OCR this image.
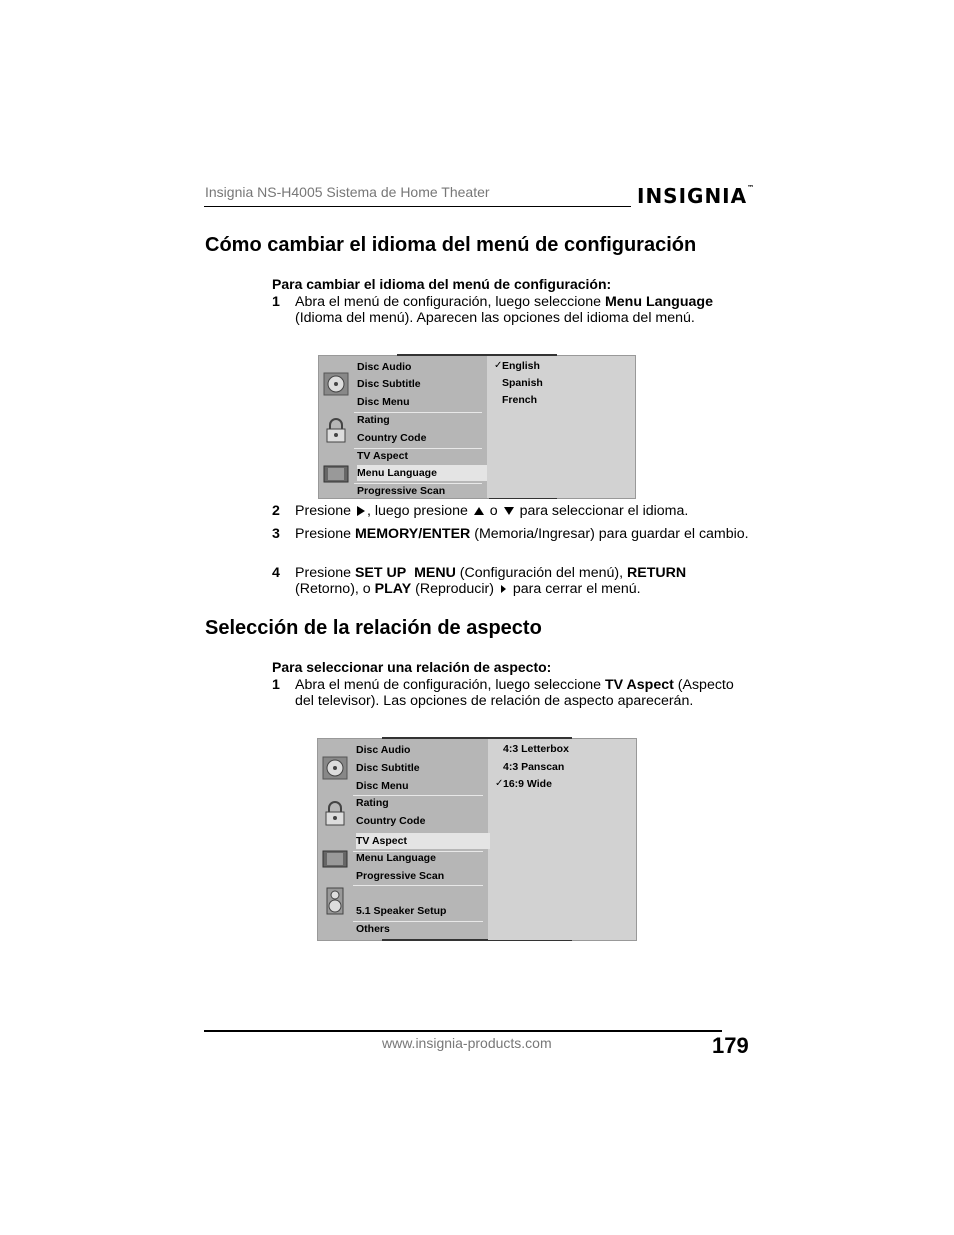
Insignia NS-H4005 Sistema de Home Theater	INSIGNIA™
Cómo cambiar el idioma del menú de configuración
Para cambiar el idioma del menú de configuración:
1 Abra el menú de configuración, luego seleccione Menu Language (Idioma del menú). Aparecen las opciones del idioma del menú.
Disc Audio
Disc Subtitle
Disc Menu
Rating
Country Code
TV Aspect
Menu Language
Progressive Scan
✓ English
Spanish
French
2 Presione , luego presione  o  para seleccionar el idioma.
3 Presione MEMORY/ENTER (Memoria/Ingresar) para guardar el cambio.
4 Presione SET UP MENU (Configuración del menú), RETURN (Retorno), o PLAY (Reproducir)  para cerrar el menú.
Selección de la relación de aspecto
Para seleccionar una relación de aspecto:
1 Abra el menú de configuración, luego seleccione TV Aspect (Aspecto del televisor). Las opciones de relación de aspecto aparecerán.
Disc Audio
Disc Subtitle
Disc Menu
Rating
Country Code
TV Aspect
Menu Language
Progressive Scan
5.1 Speaker Setup
Others
4:3 Letterbox
4:3 Panscan
✓ 16:9 Wide
www.insignia-products.com	179
